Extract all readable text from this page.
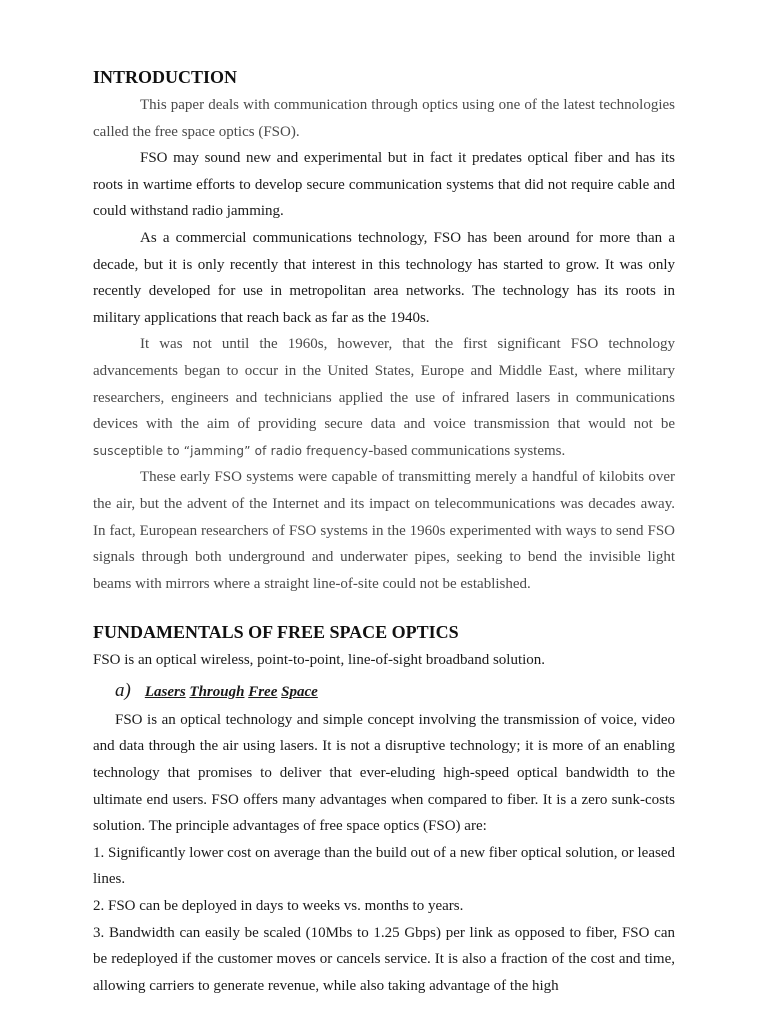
INTRODUCTION

This paper deals with communication through optics using one of the latest technologies called the free space optics (FSO).

FSO may sound new and experimental but in fact it predates optical fiber and has its roots in wartime efforts to develop secure communication systems that did not require cable and could withstand radio jamming.

As a commercial communications technology, FSO has been around for more than a decade, but it is only recently that interest in this technology has started to grow. It was only recently developed for use in metropolitan area networks. The technology has its roots in military applications that reach back as far as the 1940s.

It was not until the 1960s, however, that the first significant FSO technology advancements began to occur in the United States, Europe and Middle East, where military researchers, engineers and technicians applied the use of infrared lasers in communications devices with the aim of providing secure data and voice transmission that would not be susceptible to “jamming” of radio frequency-based communications systems.

These early FSO systems were capable of transmitting merely a handful of kilobits over the air, but the advent of the Internet and its impact on telecommunications was decades away. In fact, European researchers of FSO systems in the 1960s experimented with ways to send FSO signals through both underground and underwater pipes, seeking to bend the invisible light beams with mirrors where a straight line-of-site could not be established.

FUNDAMENTALS OF FREE SPACE OPTICS

FSO is an optical wireless, point-to-point, line-of-sight broadband solution.

a) Lasers Through Free Space

FSO is an optical technology and simple concept involving the transmission of voice, video and data through the air using lasers. It is not a disruptive technology; it is more of an enabling technology that promises to deliver that ever-eluding high-speed optical bandwidth to the ultimate end users. FSO offers many advantages when compared to fiber. It is a zero sunk-costs solution. The principle advantages of free space optics (FSO) are:

1. Significantly lower cost on average than the build out of a new fiber optical solution, or leased lines.

2. FSO can be deployed in days to weeks vs. months to years.

3. Bandwidth can easily be scaled (10Mbs to 1.25 Gbps) per link as opposed to fiber, FSO can be redeployed if the customer moves or cancels service. It is also a fraction of the cost and time, allowing carriers to generate revenue, while also taking advantage of the high
